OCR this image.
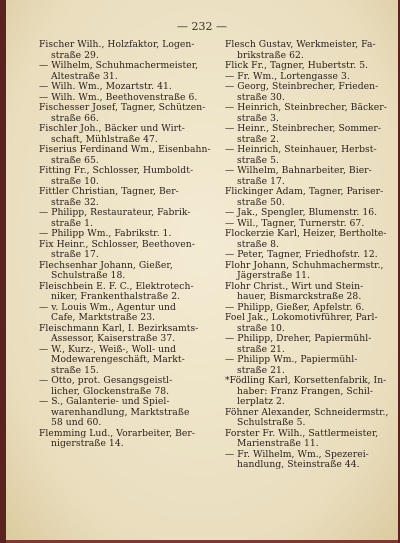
— 232 —
Fischer Wilh., Holzfaktor, Logen-
straße 29.
— Wilhelm, Schuhmachermeister,
Altestraße 31.
— Wilh. Wm., Mozartstr. 41.
— Wilh. Wm., Beethovenstraße 6.
Fischesser Josef, Tagner, Schützen-
straße 66.
Fischler Joh., Bäcker und Wirt-
schaft, Mühlstraße 47.
Fiserius Ferdinand Wm., Eisenbahn-
straße 65.
Fitting Fr., Schlosser, Humboldt-
straße 10.
Fittler Christian, Tagner, Ber-
straße 32.
— Philipp, Restaurateur, Fabrik-
straße 1.
— Philipp Wm., Fabrikstr. 1.
Fix Heinr., Schlosser, Beethoven-
straße 17.
Flechsenhar Johann, Gießer,
Schulstraße 18.
Fleischbein E. F. C., Elektrotech-
niker, Frankenthalstraße 2.
— v. Louis Wm., Agentur und
Cafe, Marktstraße 23.
Fleischmann Karl, I. Bezirksamts-
Assessor, Kaiserstraße 37.
— W., Kurz-, Weiß-, Woll- und
Modewarengeschäft, Markt-
straße 15.
— Otto, prot. Gesangsgeistl-
licher, Glockenstraße 78.
— S., Galanterie- und Spiel-
warenhandlung, Marktstraße
58 und 60.
Flemming Lud., Vorarbeiter, Ber-
nigerstraße 14.
Flesch Gustav, Werkmeister, Fa-
brikstraße 62.
Flick Fr., Tagner, Hubertstr. 5.
— Fr. Wm., Lortengasse 3.
— Georg, Steinbrecher, Frieden-
straße 30.
— Heinrich, Steinbrecher, Bäcker-
straße 3.
— Heinr., Steinbrecher, Sommer-
straße 2.
— Heinrich, Steinhauer, Herbst-
straße 5.
— Wilhelm, Bahnarbeiter, Bier-
straße 17.
Flickinger Adam, Tagner, Pariser-
straße 50.
— Jak., Spengler, Blumenstr. 16.
— Wil., Tagner, Turnerstr. 67.
Flockerzie Karl, Heizer, Bertholte-
straße 8.
— Peter, Tagner, Friedhofstr. 12.
Flohr Johann, Schuhmachermstr.,
Jägerstraße 11.
Flohr Christ., Wirt und Stein-
hauer, Bismarckstraße 28.
— Philipp, Gießer, Apfelstr. 6.
Foel Jak., Lokomotivführer, Parl-
straße 10.
— Philipp, Dreher, Papiermühl-
straße 21.
— Philipp Wm., Papiermühl-
straße 21.
*Födling Karl, Korsettenfabrik, In-
haber: Franz Frangen, Schil-
lerplatz 2.
Föhner Alexander, Schneidermstr.,
Schulstraße 5.
Forster Fr. Wilh., Sattlermeister,
Marienstraße 11.
— Fr. Wilhelm, Wm., Spezerei-
handlung, Steinstraße 44.
